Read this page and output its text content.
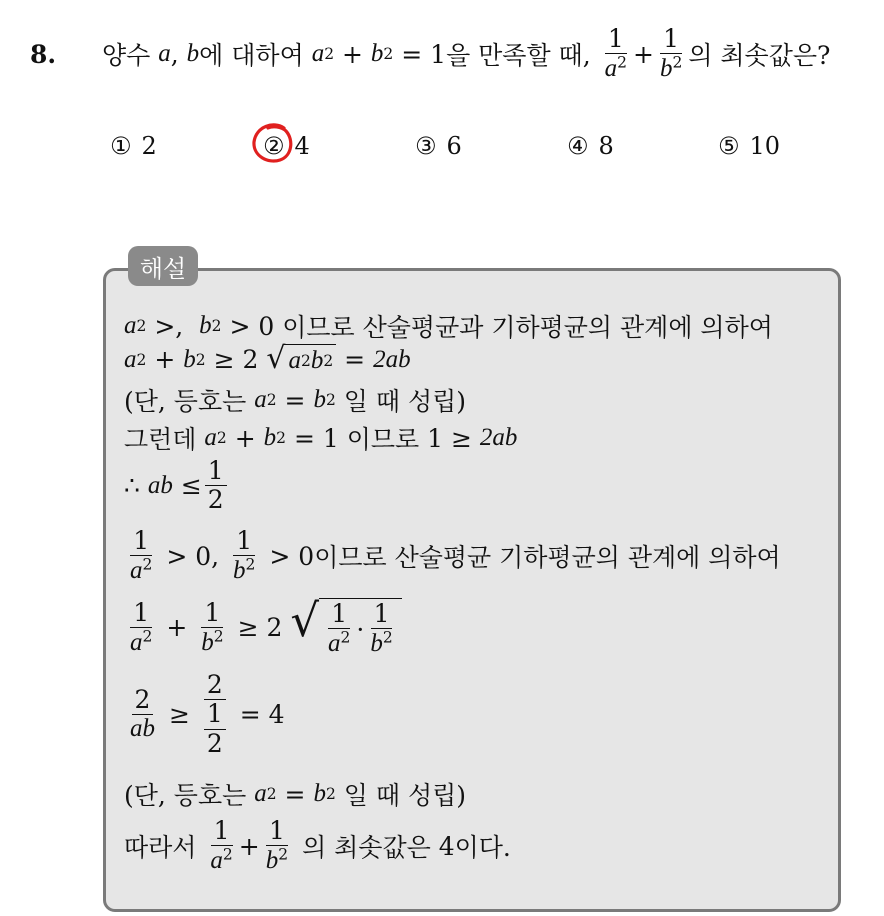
8.	양수
a ,
b 에 대하여
a 2
+
b 2
=
1 을 만족할 때,
$\frac{1}{a^2} + \frac{1}{b^2}$ 의 최솟값은?
① 2	② 4	③ 6	④ 8	⑤ 10
해설
a 2
> ,
b 2
>
0
이므로 산술평균과 기하평균의 관계에 의하여
a 2
+
b 2
≥
2
√ a 2 b 2
=
2ab
(단, 등호는
a 2
=
b 2
일 때 성립)
그런데
a 2
+
b 2
=
1
이므로
1
≥
2ab
∴
ab
≤ $\frac{1}{2}$
$\frac{1}{a^2}$
>
0 ,
$\frac{1}{b^2}$
>
0 이므로 산술평균 기하평균의 관계에 의하여
$\frac{1}{a^2}$
+
$\frac{1}{b^2}$
≥
2
√ $\frac{1}{a^2} \cdot \frac{1}{b^2}$
$\frac{2}{ab}$
≥
$\frac{2}{\frac{1}{2}}$
=
4
(단, 등호는
a 2
=
b 2
일 때 성립)
따라서
$\frac{1}{a^2} + \frac{1}{b^2}$
의 최솟값은
4 이다.
